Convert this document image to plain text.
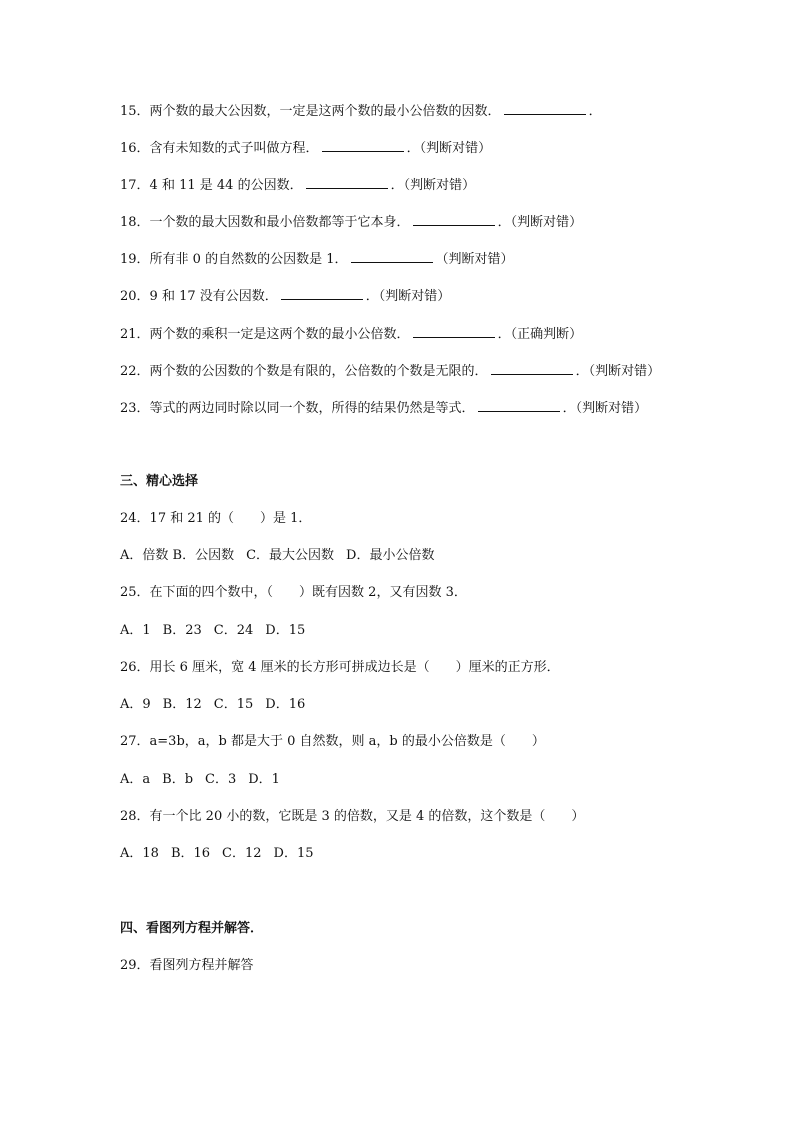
15．两个数的最大公因数，一定是这两个数的最小公倍数的因数．	．
16．含有未知数的式子叫做方程．	．（判断对错）
17．4 和 11 是 44 的公因数．	．（判断对错）
18．一个数的最大因数和最小倍数都等于它本身．	．（判断对错）
19．所有非 0 的自然数的公因数是 1．	（判断对错）
20．9 和 17 没有公因数．	．（判断对错）
21．两个数的乘积一定是这两个数的最小公倍数．	．（正确判断）
22．两个数的公因数的个数是有限的，公倍数的个数是无限的．	．（判断对错）
23．等式的两边同时除以同一个数，所得的结果仍然是等式．	．（判断对错）
三、精心选择
24．17 和 21 的（　　）是 1．
A．倍数 B．公因数 C．最大公因数 D．最小公倍数
25．在下面的四个数中，（　　）既有因数 2，又有因数 3．
A．1 B．23 C．24 D．15
26．用长 6 厘米，宽 4 厘米的长方形可拼成边长是（　　）厘米的正方形．
A．9 B．12 C．15 D．16
27．a=3b，a，b 都是大于 0 自然数，则 a，b 的最小公倍数是（　　）
A．a B．b C．3 D．1
28．有一个比 20 小的数，它既是 3 的倍数，又是 4 的倍数，这个数是（　　）
A．18 B．16 C．12 D．15
四、看图列方程并解答．
29．看图列方程并解答
